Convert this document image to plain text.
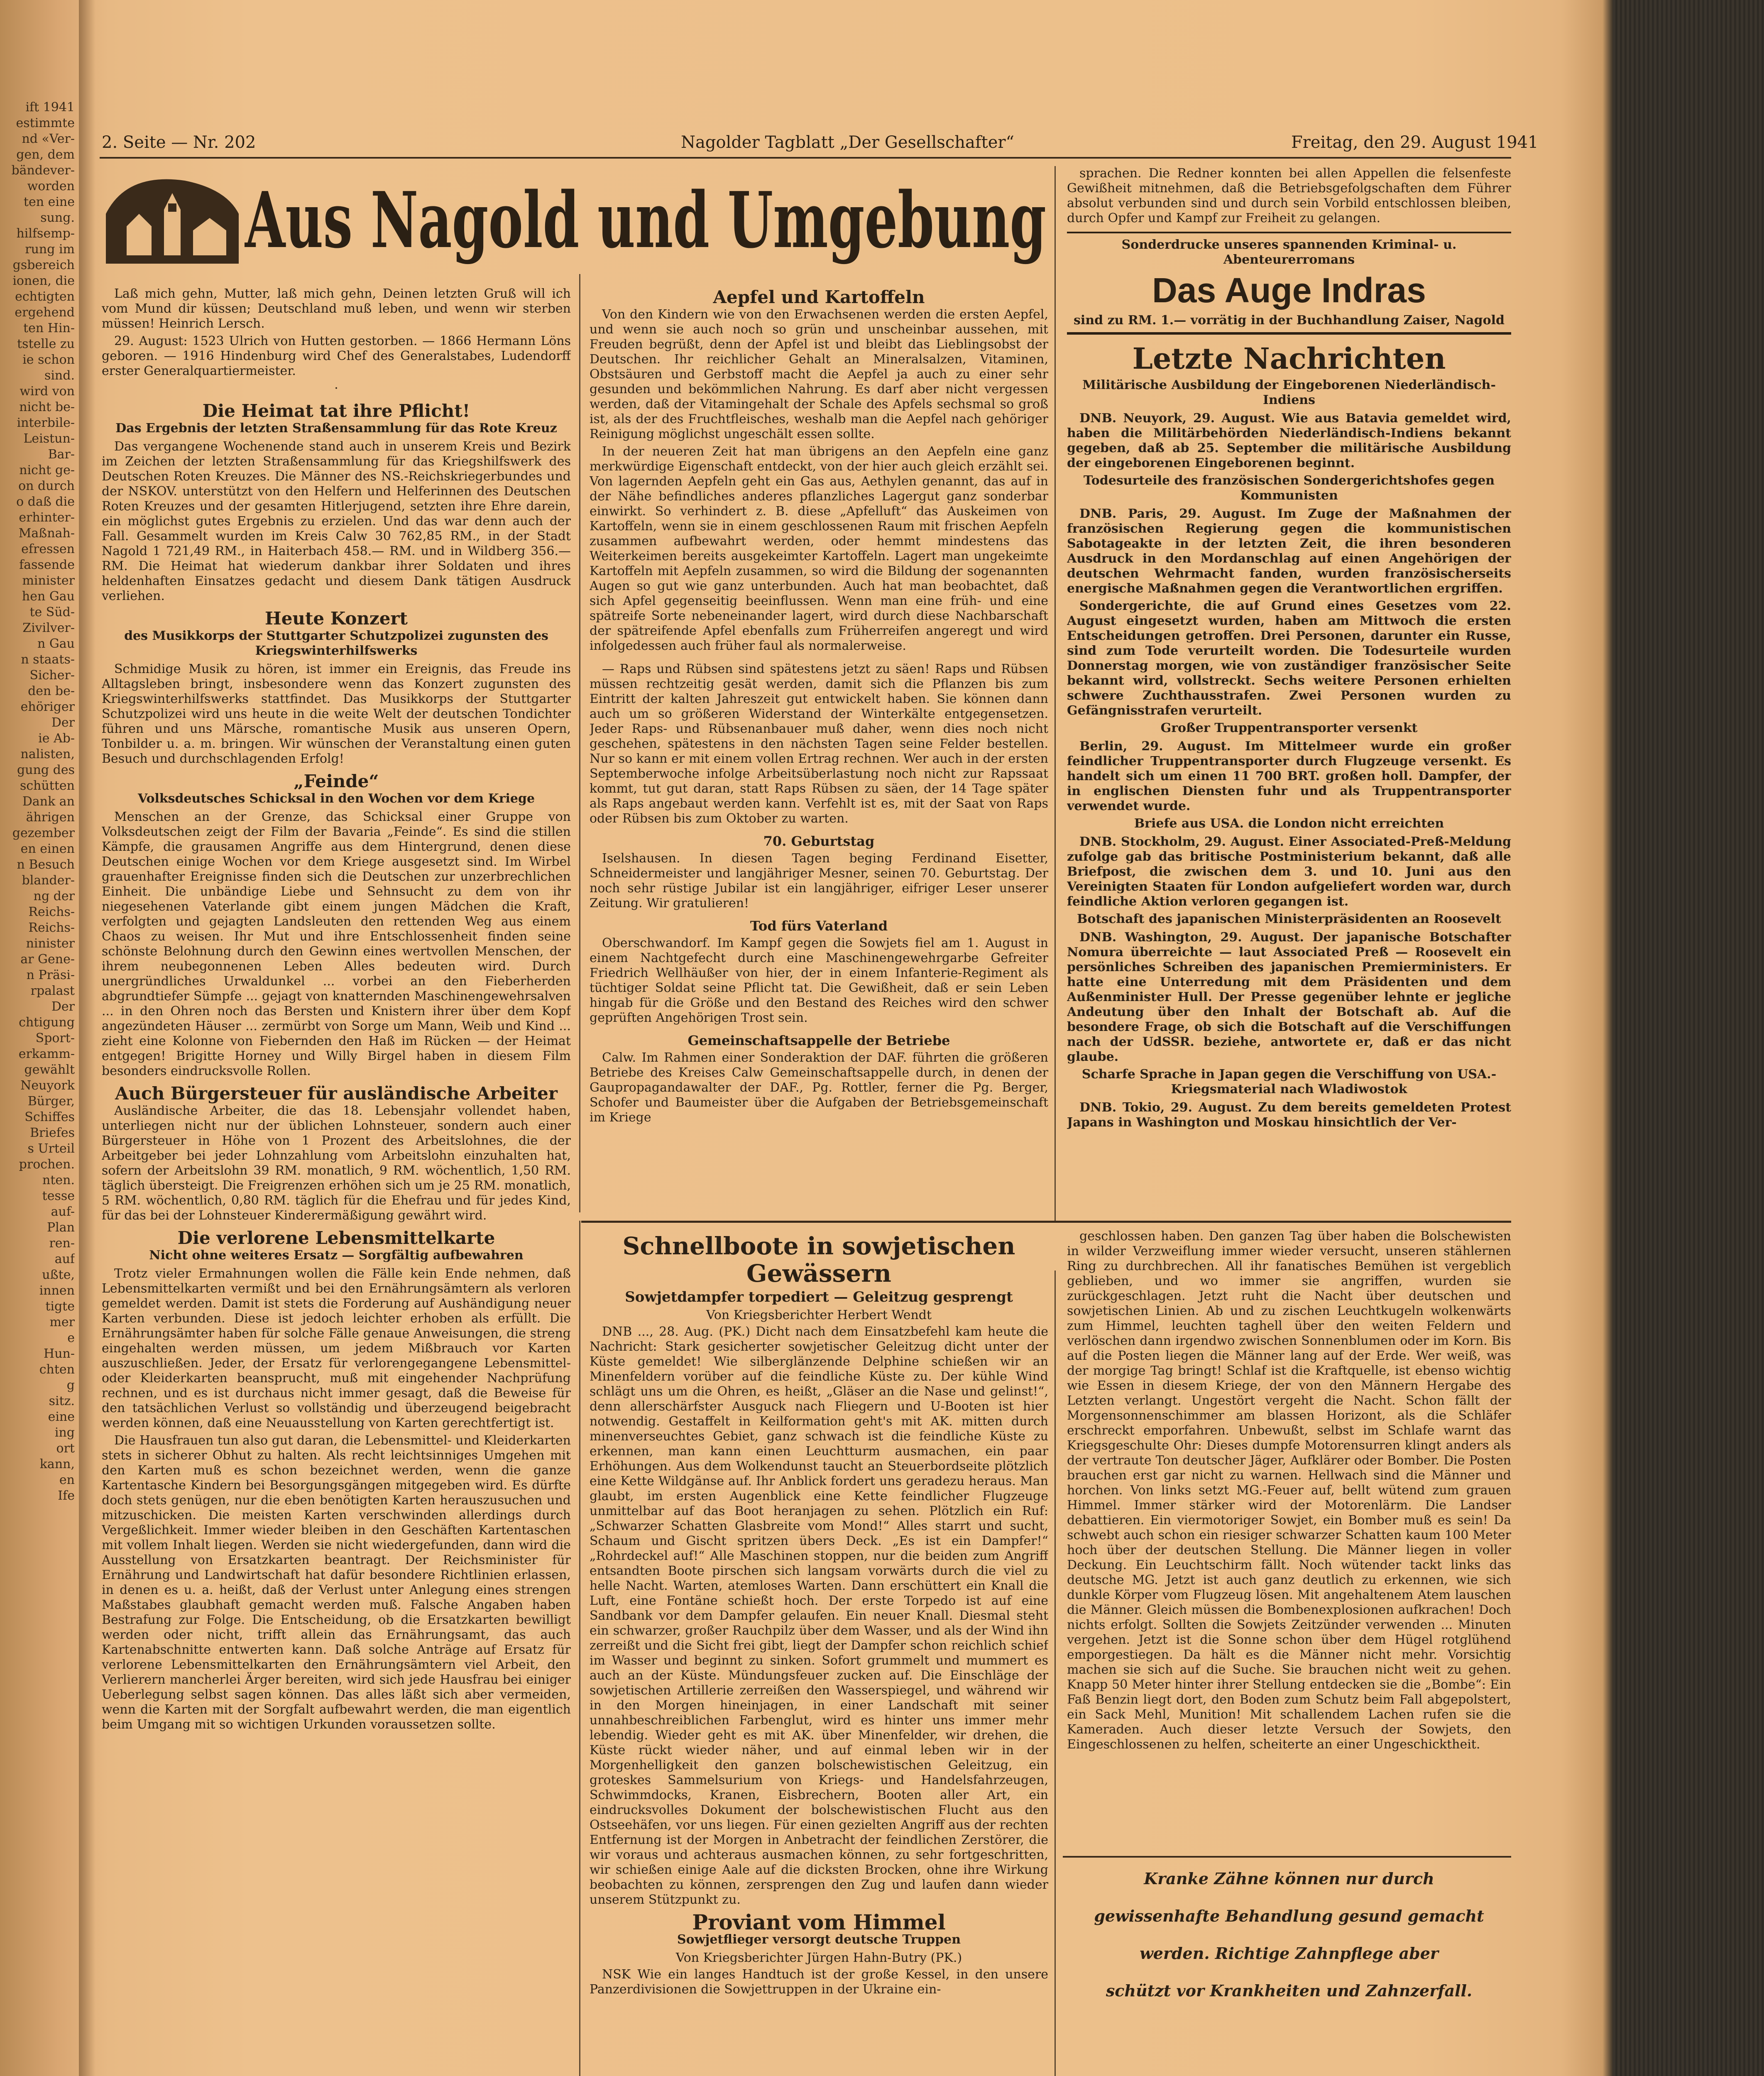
ift 1941
estimmte
nd «Ver-
gen, dem
bändever-
worden
ten eine
sung.
hilfsemp-
rung im
gsbereich
ionen, die
echtigten
ergehend
ten Hin-
tstelle zu
ie schon
sind.
wird von
nicht be-
interbile-
Leistun-
Bar-
nicht ge-
on durch
o daß die
erhinter-
Maßnah-
efressen
fassende
minister
hen Gau
te Süd-
Zivilver-
n Gau
n staats-
Sicher-
den be-
ehöriger
Der
ie Ab-
nalisten,
gung des
schütten
Dank an
ährigen
gezember
en einen
n Besuch
blander-
ng der
Reichs-
Reichs-
ninister
ar Gene-
n Präsi-
rpalast
Der
chtigung
Sport-
erkamm-
gewählt
Neuyork
Bürger,
Schiffes
Briefes
s Urteil
prochen.
nten.
tesse
auf-
Plan
ren-
auf
ußte,
innen
tigte
mer
e
Hun-
chten
g
sitz.
eine
ing
ort
kann,
en
Ife
2. Seite — Nr. 202	Nagolder Tagblatt „Der Gesellschafter“	Freitag, den 29. August 1941
Aus Nagold und Umgebung

Laß mich gehn, Mutter, laß mich gehn, Deinen letzten Gruß will ich vom Mund dir küssen; Deutschland muß leben, und wenn wir sterben müssen! Heinrich Lersch.

29. August: 1523 Ulrich von Hutten gestorben. — 1866 Hermann Löns geboren. — 1916 Hindenburg wird Chef des Generalstabes, Ludendorff erster Generalquartiermeister.

·

Die Heimat tat ihre Pflicht!

Das Ergebnis der letzten Straßensammlung für das Rote Kreuz

Das vergangene Wochenende stand auch in unserem Kreis und Bezirk im Zeichen der letzten Straßensammlung für das Kriegshilfswerk des Deutschen Roten Kreuzes. Die Männer des NS.-Reichskriegerbundes und der NSKOV. unterstützt von den Helfern und Helferinnen des Deutschen Roten Kreuzes und der gesamten Hitlerjugend, setzten ihre Ehre darein, ein möglichst gutes Ergebnis zu erzielen. Und das war denn auch der Fall. Gesammelt wurden im Kreis Calw 30 762,85 RM., in der Stadt Nagold 1 721,49 RM., in Haiterbach 458.— RM. und in Wildberg 356.— RM. Die Heimat hat wiederum dankbar ihrer Soldaten und ihres heldenhaften Einsatzes gedacht und diesem Dank tätigen Ausdruck verliehen.

Heute Konzert

des Musikkorps der Stuttgarter Schutzpolizei zugunsten des Kriegswinterhilfswerks

Schmidige Musik zu hören, ist immer ein Ereignis, das Freude ins Alltagsleben bringt, insbesondere wenn das Konzert zugunsten des Kriegswinterhilfswerks stattfindet. Das Musikkorps der Stuttgarter Schutzpolizei wird uns heute in die weite Welt der deutschen Tondichter führen und uns Märsche, romantische Musik aus unseren Opern, Tonbilder u. a. m. bringen. Wir wünschen der Veranstaltung einen guten Besuch und durchschlagenden Erfolg!

„Feinde“

Volksdeutsches Schicksal in den Wochen vor dem Kriege

Menschen an der Grenze, das Schicksal einer Gruppe von Volksdeutschen zeigt der Film der Bavaria „Feinde“. Es sind die stillen Kämpfe, die grausamen Angriffe aus dem Hintergrund, denen diese Deutschen einige Wochen vor dem Kriege ausgesetzt sind. Im Wirbel grauenhafter Ereignisse finden sich die Deutschen zur unzerbrechlichen Einheit. Die unbändige Liebe und Sehnsucht zu dem von ihr niegesehenen Vaterlande gibt einem jungen Mädchen die Kraft, verfolgten und gejagten Landsleuten den rettenden Weg aus einem Chaos zu weisen. Ihr Mut und ihre Entschlossenheit finden seine schönste Belohnung durch den Gewinn eines wertvollen Menschen, der ihrem neubegonnenen Leben Alles bedeuten wird. Durch unergründliches Urwaldunkel ... vorbei an den Fieberherden abgrundtiefer Sümpfe ... gejagt von knatternden Maschinengewehrsalven ... in den Ohren noch das Bersten und Knistern ihrer über dem Kopf angezündeten Häuser ... zermürbt von Sorge um Mann, Weib und Kind ... zieht eine Kolonne von Fiebernden den Haß im Rücken — der Heimat entgegen! Brigitte Horney und Willy Birgel haben in diesem Film besonders eindrucksvolle Rollen.

Auch Bürgersteuer für ausländische Arbeiter

Ausländische Arbeiter, die das 18. Lebensjahr vollendet haben, unterliegen nicht nur der üblichen Lohnsteuer, sondern auch einer Bürgersteuer in Höhe von 1 Prozent des Arbeitslohnes, die der Arbeitgeber bei jeder Lohnzahlung vom Arbeitslohn einzuhalten hat, sofern der Arbeitslohn 39 RM. monatlich, 9 RM. wöchentlich, 1,50 RM. täglich übersteigt. Die Freigrenzen erhöhen sich um je 25 RM. monatlich, 5 RM. wöchentlich, 0,80 RM. täglich für die Ehefrau und für jedes Kind, für das bei der Lohnsteuer Kinderermäßigung gewährt wird.

Die verlorene Lebensmittelkarte

Nicht ohne weiteres Ersatz — Sorgfältig aufbewahren

Trotz vieler Ermahnungen wollen die Fälle kein Ende nehmen, daß Lebensmittelkarten vermißt und bei den Ernährungsämtern als verloren gemeldet werden. Damit ist stets die Forderung auf Aushändigung neuer Karten verbunden. Diese ist jedoch leichter erhoben als erfüllt. Die Ernährungsämter haben für solche Fälle genaue Anweisungen, die streng eingehalten werden müssen, um jedem Mißbrauch vor Karten auszuschließen. Jeder, der Ersatz für verlorengegangene Lebensmittel- oder Kleiderkarten beansprucht, muß mit eingehender Nachprüfung rechnen, und es ist durchaus nicht immer gesagt, daß die Beweise für den tatsächlichen Verlust so vollständig und überzeugend beigebracht werden können, daß eine Neuausstellung von Karten gerechtfertigt ist.

Die Hausfrauen tun also gut daran, die Lebensmittel- und Kleiderkarten stets in sicherer Obhut zu halten. Als recht leichtsinniges Umgehen mit den Karten muß es schon bezeichnet werden, wenn die ganze Kartentasche Kindern bei Besorgungsgängen mitgegeben wird. Es dürfte doch stets genügen, nur die eben benötigten Karten herauszusuchen und mitzuschicken. Die meisten Karten verschwinden allerdings durch Vergeßlichkeit. Immer wieder bleiben in den Geschäften Kartentaschen mit vollem Inhalt liegen. Werden sie nicht wiedergefunden, dann wird die Ausstellung von Ersatzkarten beantragt. Der Reichsminister für Ernährung und Landwirtschaft hat dafür besondere Richtlinien erlassen, in denen es u. a. heißt, daß der Verlust unter Anlegung eines strengen Maßstabes glaubhaft gemacht werden muß. Falsche Angaben haben Bestrafung zur Folge. Die Entscheidung, ob die Ersatzkarten bewilligt werden oder nicht, trifft allein das Ernährungsamt, das auch Kartenabschnitte entwerten kann. Daß solche Anträge auf Ersatz für verlorene Lebensmittelkarten den Ernährungsämtern viel Arbeit, den Verlierern mancherlei Ärger bereiten, wird sich jede Hausfrau bei einiger Ueberlegung selbst sagen können. Das alles läßt sich aber vermeiden, wenn die Karten mit der Sorgfalt aufbewahrt werden, die man eigentlich beim Umgang mit so wichtigen Urkunden voraussetzen sollte.

Aepfel und Kartoffeln

Von den Kindern wie von den Erwachsenen werden die ersten Aepfel, und wenn sie auch noch so grün und unscheinbar aussehen, mit Freuden begrüßt, denn der Apfel ist und bleibt das Lieblingsobst der Deutschen. Ihr reichlicher Gehalt an Mineralsalzen, Vitaminen, Obstsäuren und Gerbstoff macht die Aepfel ja auch zu einer sehr gesunden und bekömmlichen Nahrung. Es darf aber nicht vergessen werden, daß der Vitamingehalt der Schale des Apfels sechsmal so groß ist, als der des Fruchtfleisches, weshalb man die Aepfel nach gehöriger Reinigung möglichst ungeschält essen sollte.

In der neueren Zeit hat man übrigens an den Aepfeln eine ganz merkwürdige Eigenschaft entdeckt, von der hier auch gleich erzählt sei. Von lagernden Aepfeln geht ein Gas aus, Aethylen genannt, das auf in der Nähe befindliches anderes pflanzliches Lagergut ganz sonderbar einwirkt. So verhindert z. B. diese „Apfelluft“ das Auskeimen von Kartoffeln, wenn sie in einem geschlossenen Raum mit frischen Aepfeln zusammen aufbewahrt werden, oder hemmt mindestens das Weiterkeimen bereits ausgekeimter Kartoffeln. Lagert man ungekeimte Kartoffeln mit Aepfeln zusammen, so wird die Bildung der sogenannten Augen so gut wie ganz unterbunden. Auch hat man beobachtet, daß sich Apfel gegenseitig beeinflussen. Wenn man eine früh- und eine spätreife Sorte nebeneinander lagert, wird durch diese Nachbarschaft der spätreifende Apfel ebenfalls zum Früherreifen angeregt und wird infolgedessen auch früher faul als normalerweise.

— Raps und Rübsen sind spätestens jetzt zu säen! Raps und Rübsen müssen rechtzeitig gesät werden, damit sich die Pflanzen bis zum Eintritt der kalten Jahreszeit gut entwickelt haben. Sie können dann auch um so größeren Widerstand der Winterkälte entgegensetzen. Jeder Raps- und Rübsenanbauer muß daher, wenn dies noch nicht geschehen, spätestens in den nächsten Tagen seine Felder bestellen. Nur so kann er mit einem vollen Ertrag rechnen. Wer auch in der ersten Septemberwoche infolge Arbeitsüberlastung noch nicht zur Rapssaat kommt, tut gut daran, statt Raps Rübsen zu säen, der 14 Tage später als Raps angebaut werden kann. Verfehlt ist es, mit der Saat von Raps oder Rübsen bis zum Oktober zu warten.

70. Geburtstag

Iselshausen. In diesen Tagen beging Ferdinand Eisetter, Schneidermeister und langjähriger Mesner, seinen 70. Geburtstag. Der noch sehr rüstige Jubilar ist ein langjähriger, eifriger Leser unserer Zeitung. Wir gratulieren!

Tod fürs Vaterland

Oberschwandorf. Im Kampf gegen die Sowjets fiel am 1. August in einem Nachtgefecht durch eine Maschinengewehrgarbe Gefreiter Friedrich Wellhäußer von hier, der in einem Infanterie-Regiment als tüchtiger Soldat seine Pflicht tat. Die Gewißheit, daß er sein Leben hingab für die Größe und den Bestand des Reiches wird den schwer geprüften Angehörigen Trost sein.

Gemeinschaftsappelle der Betriebe

Calw. Im Rahmen einer Sonderaktion der DAF. führten die größeren Betriebe des Kreises Calw Gemeinschaftsappelle durch, in denen der Gaupropagandawalter der DAF., Pg. Rottler, ferner die Pg. Berger, Schofer und Baumeister über die Aufgaben der Betriebsgemeinschaft im Kriege

sprachen. Die Redner konnten bei allen Appellen die felsenfeste Gewißheit mitnehmen, daß die Betriebsgefolgschaften dem Führer absolut verbunden sind und durch sein Vorbild entschlossen bleiben, durch Opfer und Kampf zur Freiheit zu gelangen.

Sonderdrucke unseres spannenden Kriminal- u. Abenteurerromans
Das Auge Indras
sind zu RM. 1.— vorrätig in der Buchhandlung Zaiser, Nagold

Letzte Nachrichten

Militärische Ausbildung der Eingeborenen Niederländisch-Indiens

DNB. Neuyork, 29. August. Wie aus Batavia gemeldet wird, haben die Militärbehörden Niederländisch-Indiens bekannt gegeben, daß ab 25. September die militärische Ausbildung der eingeborenen Eingeborenen beginnt.

Todesurteile des französischen Sondergerichtshofes gegen Kommunisten

DNB. Paris, 29. August. Im Zuge der Maßnahmen der französischen Regierung gegen die kommunistischen Sabotageakte in der letzten Zeit, die ihren besonderen Ausdruck in den Mordanschlag auf einen Angehörigen der deutschen Wehrmacht fanden, wurden französischerseits energische Maßnahmen gegen die Verantwortlichen ergriffen.

Sondergerichte, die auf Grund eines Gesetzes vom 22. August eingesetzt wurden, haben am Mittwoch die ersten Entscheidungen getroffen. Drei Personen, darunter ein Russe, sind zum Tode verurteilt worden. Die Todesurteile wurden Donnerstag morgen, wie von zuständiger französischer Seite bekannt wird, vollstreckt. Sechs weitere Personen erhielten schwere Zuchthausstrafen. Zwei Personen wurden zu Gefängnisstrafen verurteilt.

Großer Truppentransporter versenkt

Berlin, 29. August. Im Mittelmeer wurde ein großer feindlicher Truppentransporter durch Flugzeuge versenkt. Es handelt sich um einen 11 700 BRT. großen holl. Dampfer, der in englischen Diensten fuhr und als Truppentransporter verwendet wurde.

Briefe aus USA. die London nicht erreichten

DNB. Stockholm, 29. August. Einer Associated-Preß-Meldung zufolge gab das britische Postministerium bekannt, daß alle Briefpost, die zwischen dem 3. und 10. Juni aus den Vereinigten Staaten für London aufgeliefert worden war, durch feindliche Aktion verloren gegangen ist.

Botschaft des japanischen Ministerpräsidenten an Roosevelt

DNB. Washington, 29. August. Der japanische Botschafter Nomura überreichte — laut Associated Preß — Roosevelt ein persönliches Schreiben des japanischen Premierministers. Er hatte eine Unterredung mit dem Präsidenten und dem Außenminister Hull. Der Presse gegenüber lehnte er jegliche Andeutung über den Inhalt der Botschaft ab. Auf die besondere Frage, ob sich die Botschaft auf die Verschiffungen nach der UdSSR. beziehe, antwortete er, daß er das nicht glaube.

Scharfe Sprache in Japan gegen die Verschiffung von USA.-Kriegsmaterial nach Wladiwostok

DNB. Tokio, 29. August. Zu dem bereits gemeldeten Protest Japans in Washington und Moskau hinsichtlich der Ver-

Schnellboote in sowjetischen Gewässern

Sowjetdampfer torpediert — Geleitzug gesprengt

Von Kriegsberichter Herbert Wendt

DNB ..., 28. Aug. (PK.) Dicht nach dem Einsatzbefehl kam heute die Nachricht: Stark gesicherter sowjetischer Geleitzug dicht unter der Küste gemeldet! Wie silberglänzende Delphine schießen wir an Minenfeldern vorüber auf die feindliche Küste zu. Der kühle Wind schlägt uns um die Ohren, es heißt, „Gläser an die Nase und gelinst!“, denn allerschärfster Ausguck nach Fliegern und U-Booten ist hier notwendig. Gestaffelt in Keilformation geht's mit AK. mitten durch minenverseuchtes Gebiet, ganz schwach ist die feindliche Küste zu erkennen, man kann einen Leuchtturm ausmachen, ein paar Erhöhungen. Aus dem Wolkendunst taucht an Steuerbordseite plötzlich eine Kette Wildgänse auf. Ihr Anblick fordert uns geradezu heraus. Man glaubt, im ersten Augenblick eine Kette feindlicher Flugzeuge unmittelbar auf das Boot heranjagen zu sehen. Plötzlich ein Ruf: „Schwarzer Schatten Glasbreite vom Mond!“ Alles starrt und sucht, Schaum und Gischt spritzen übers Deck. „Es ist ein Dampfer!“ „Rohrdeckel auf!“ Alle Maschinen stoppen, nur die beiden zum Angriff entsandten Boote pirschen sich langsam vorwärts durch die viel zu helle Nacht. Warten, atemloses Warten. Dann erschüttert ein Knall die Luft, eine Fontäne schießt hoch. Der erste Torpedo ist auf eine Sandbank vor dem Dampfer gelaufen. Ein neuer Knall. Diesmal steht ein schwarzer, großer Rauchpilz über dem Wasser, und als der Wind ihn zerreißt und die Sicht frei gibt, liegt der Dampfer schon reichlich schief im Wasser und beginnt zu sinken. Sofort grummelt und mummert es auch an der Küste. Mündungsfeuer zucken auf. Die Einschläge der sowjetischen Artillerie zerreißen den Wasserspiegel, und während wir in den Morgen hineinjagen, in einer Landschaft mit seiner unnahbeschreiblichen Farbenglut, wird es hinter uns immer mehr lebendig. Wieder geht es mit AK. über Minenfelder, wir drehen, die Küste rückt wieder näher, und auf einmal leben wir in der Morgenhelligkeit den ganzen bolschewistischen Geleitzug, ein groteskes Sammelsurium von Kriegs- und Handelsfahrzeugen, Schwimmdocks, Kranen, Eisbrechern, Booten aller Art, ein eindrucksvolles Dokument der bolschewistischen Flucht aus den Ostseehäfen, vor uns liegen. Für einen gezielten Angriff aus der rechten Entfernung ist der Morgen in Anbetracht der feindlichen Zerstörer, die wir voraus und achteraus ausmachen können, zu sehr fortgeschritten, wir schießen einige Aale auf die dicksten Brocken, ohne ihre Wirkung beobachten zu können, zersprengen den Zug und laufen dann wieder unserem Stützpunkt zu.

Proviant vom Himmel

Sowjetflieger versorgt deutsche Truppen

Von Kriegsberichter Jürgen Hahn-Butry (PK.)

NSK Wie ein langes Handtuch ist der große Kessel, in den unsere Panzerdivisionen die Sowjettruppen in der Ukraine ein-

geschlossen haben. Den ganzen Tag über haben die Bolschewisten in wilder Verzweiflung immer wieder versucht, unseren stählernen Ring zu durchbrechen. All ihr fanatisches Bemühen ist vergeblich geblieben, und wo immer sie angriffen, wurden sie zurückgeschlagen. Jetzt ruht die Nacht über deutschen und sowjetischen Linien. Ab und zu zischen Leuchtkugeln wolkenwärts zum Himmel, leuchten taghell über den weiten Feldern und verlöschen dann irgendwo zwischen Sonnenblumen oder im Korn. Bis auf die Posten liegen die Männer lang auf der Erde. Wer weiß, was der morgige Tag bringt! Schlaf ist die Kraftquelle, ist ebenso wichtig wie Essen in diesem Kriege, der von den Männern Hergabe des Letzten verlangt. Ungestört vergeht die Nacht. Schon fällt der Morgensonnenschimmer am blassen Horizont, als die Schläfer erschreckt emporfahren. Unbewußt, selbst im Schlafe warnt das Kriegsgeschulte Ohr: Dieses dumpfe Motorensurren klingt anders als der vertraute Ton deutscher Jäger, Aufklärer oder Bomber. Die Posten brauchen erst gar nicht zu warnen. Hellwach sind die Männer und horchen. Von links setzt MG.-Feuer auf, bellt wütend zum grauen Himmel. Immer stärker wird der Motorenlärm. Die Landser debattieren. Ein viermotoriger Sowjet, ein Bomber muß es sein! Da schwebt auch schon ein riesiger schwarzer Schatten kaum 100 Meter hoch über der deutschen Stellung. Die Männer liegen in voller Deckung. Ein Leuchtschirm fällt. Noch wütender tackt links das deutsche MG. Jetzt ist auch ganz deutlich zu erkennen, wie sich dunkle Körper vom Flugzeug lösen. Mit angehaltenem Atem lauschen die Männer. Gleich müssen die Bombenexplosionen aufkrachen! Doch nichts erfolgt. Sollten die Sowjets Zeitzünder verwenden ... Minuten vergehen. Jetzt ist die Sonne schon über dem Hügel rotglühend emporgestiegen. Da hält es die Männer nicht mehr. Vorsichtig machen sie sich auf die Suche. Sie brauchen nicht weit zu gehen. Knapp 50 Meter hinter ihrer Stellung entdecken sie die „Bombe“: Ein Faß Benzin liegt dort, den Boden zum Schutz beim Fall abgepolstert, ein Sack Mehl, Munition! Mit schallendem Lachen rufen sie die Kameraden. Auch dieser letzte Versuch der Sowjets, den Eingeschlossenen zu helfen, scheiterte an einer Ungeschicktheit.

Kranke Zähne können nur durch
gewissenhafte Behandlung gesund gemacht
werden. Richtige Zahnpflege aber
schützt vor Krankheiten und Zahnzerfall.
